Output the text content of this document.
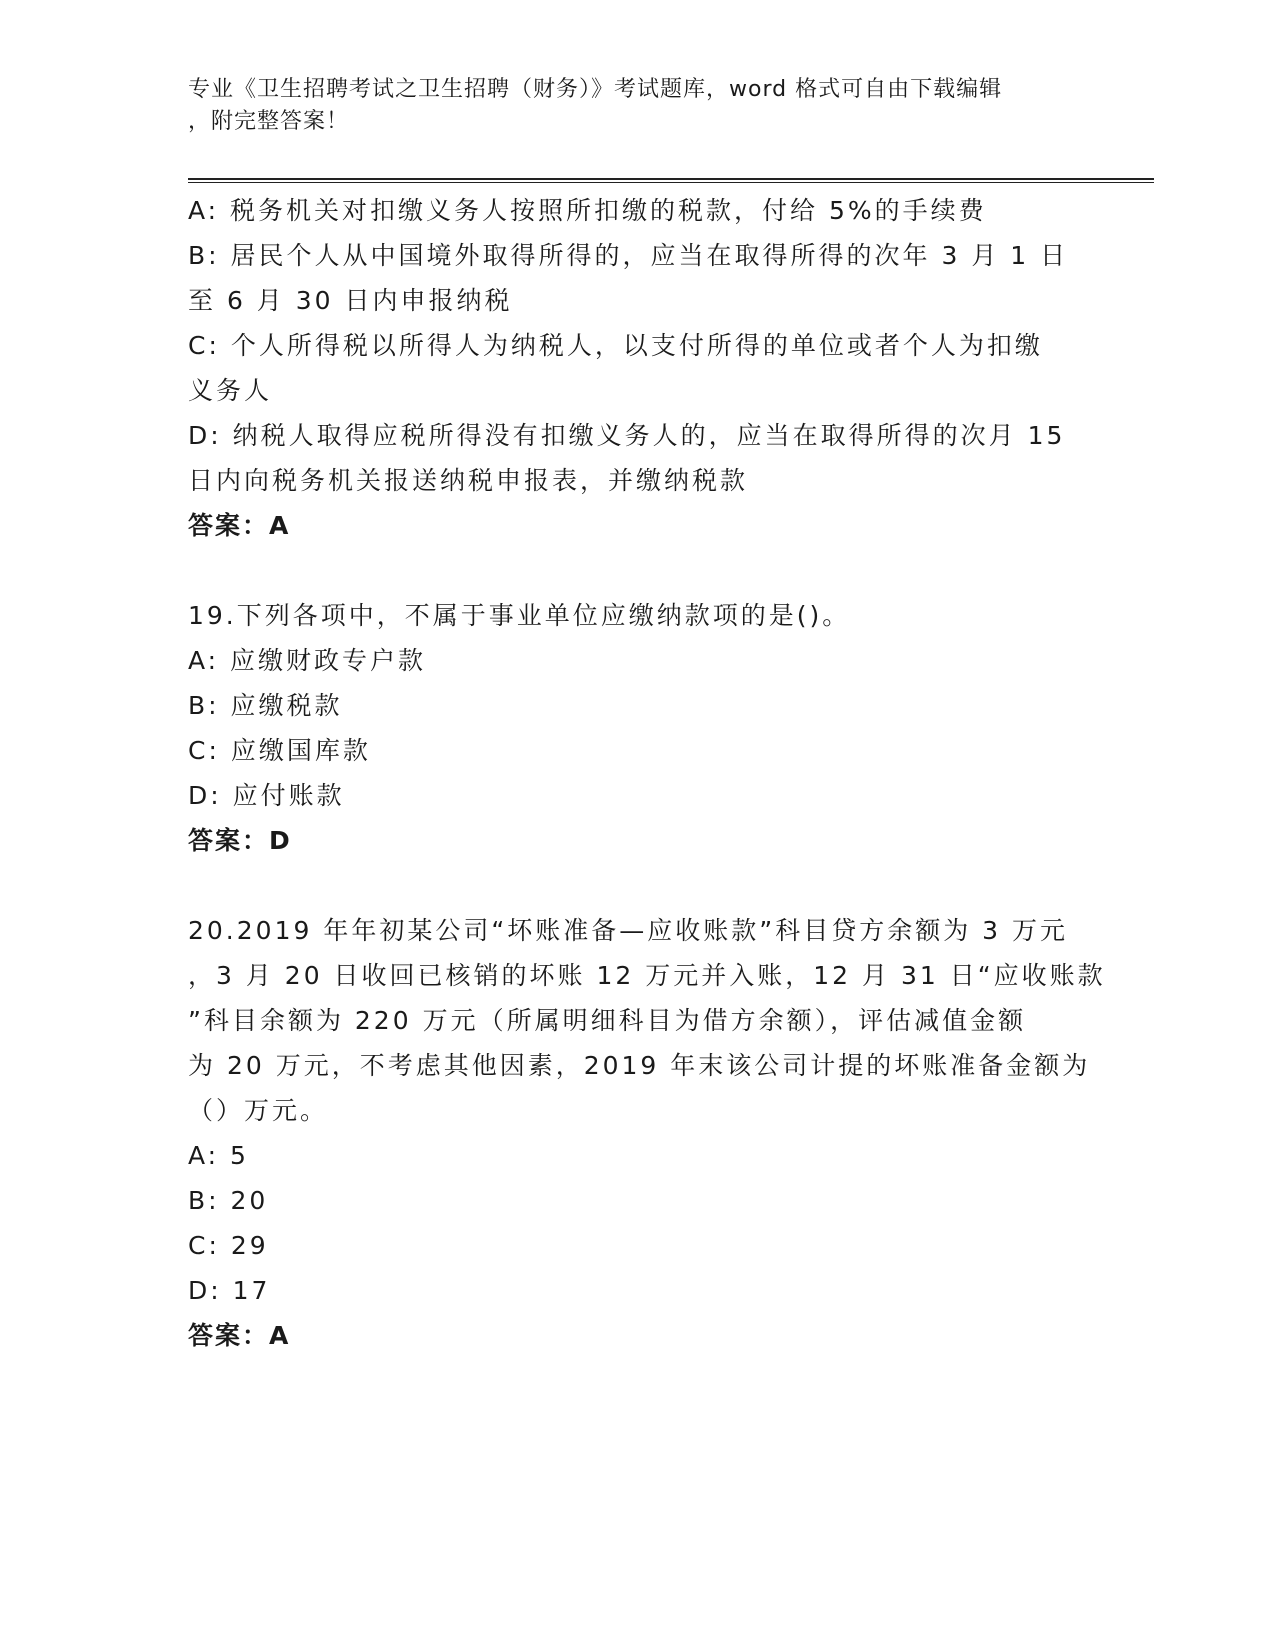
专业《卫生招聘考试之卫生招聘（财务）》考试题库，word 格式可自由下载编辑
，附完整答案！

A: 税务机关对扣缴义务人按照所扣缴的税款，付给 5%的手续费

B: 居民个人从中国境外取得所得的，应当在取得所得的次年 3 月 1 日

至 6 月 30 日内申报纳税

C: 个人所得税以所得人为纳税人，以支付所得的单位或者个人为扣缴

义务人

D: 纳税人取得应税所得没有扣缴义务人的，应当在取得所得的次月 15

日内向税务机关报送纳税申报表，并缴纳税款

答案：A

19.下列各项中，不属于事业单位应缴纳款项的是()。

A: 应缴财政专户款

B: 应缴税款

C: 应缴国库款

D: 应付账款

答案：D

20.2019 年年初某公司“坏账准备—应收账款”科目贷方余额为 3 万元

，3 月 20 日收回已核销的坏账 12 万元并入账，12 月 31 日“应收账款

”科目余额为 220 万元（所属明细科目为借方余额），评估减值金额

为 20 万元，不考虑其他因素，2019 年末该公司计提的坏账准备金额为

（）万元。

A: 5

B: 20

C: 29

D: 17

答案：A
